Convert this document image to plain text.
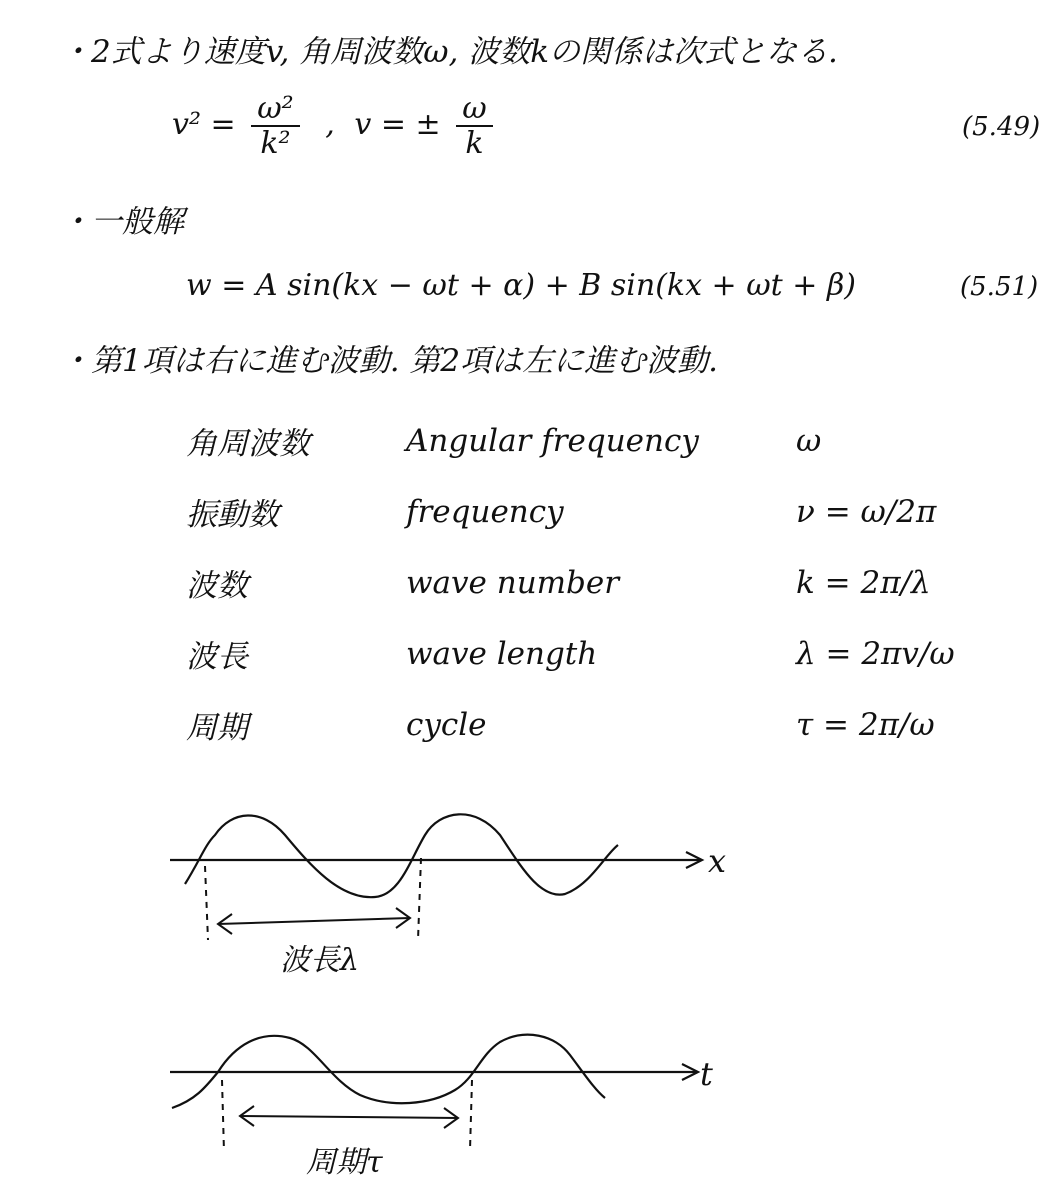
・2式より速度v, 角周波数ω, 波数kの関係は次式となる.
$v^2 = \frac{\text{ω²}}{\text{k²}}$ , v = ± $\frac{\omega}{k}$	(5.49)
・一般解
w = A sin(kx − ωt + α) + B sin(kx + ωt + β)	(5.51)
・第1項は右に進む波動. 第2項は左に進む波動.
角周波数	Angular frequency	ω
振動数	frequency	ν = ω/2π
波数	wave number	k = 2π/λ
波長	wave length	λ = 2πv/ω
周期	cycle	τ = 2π/ω
x
波長λ
t
周期τ
